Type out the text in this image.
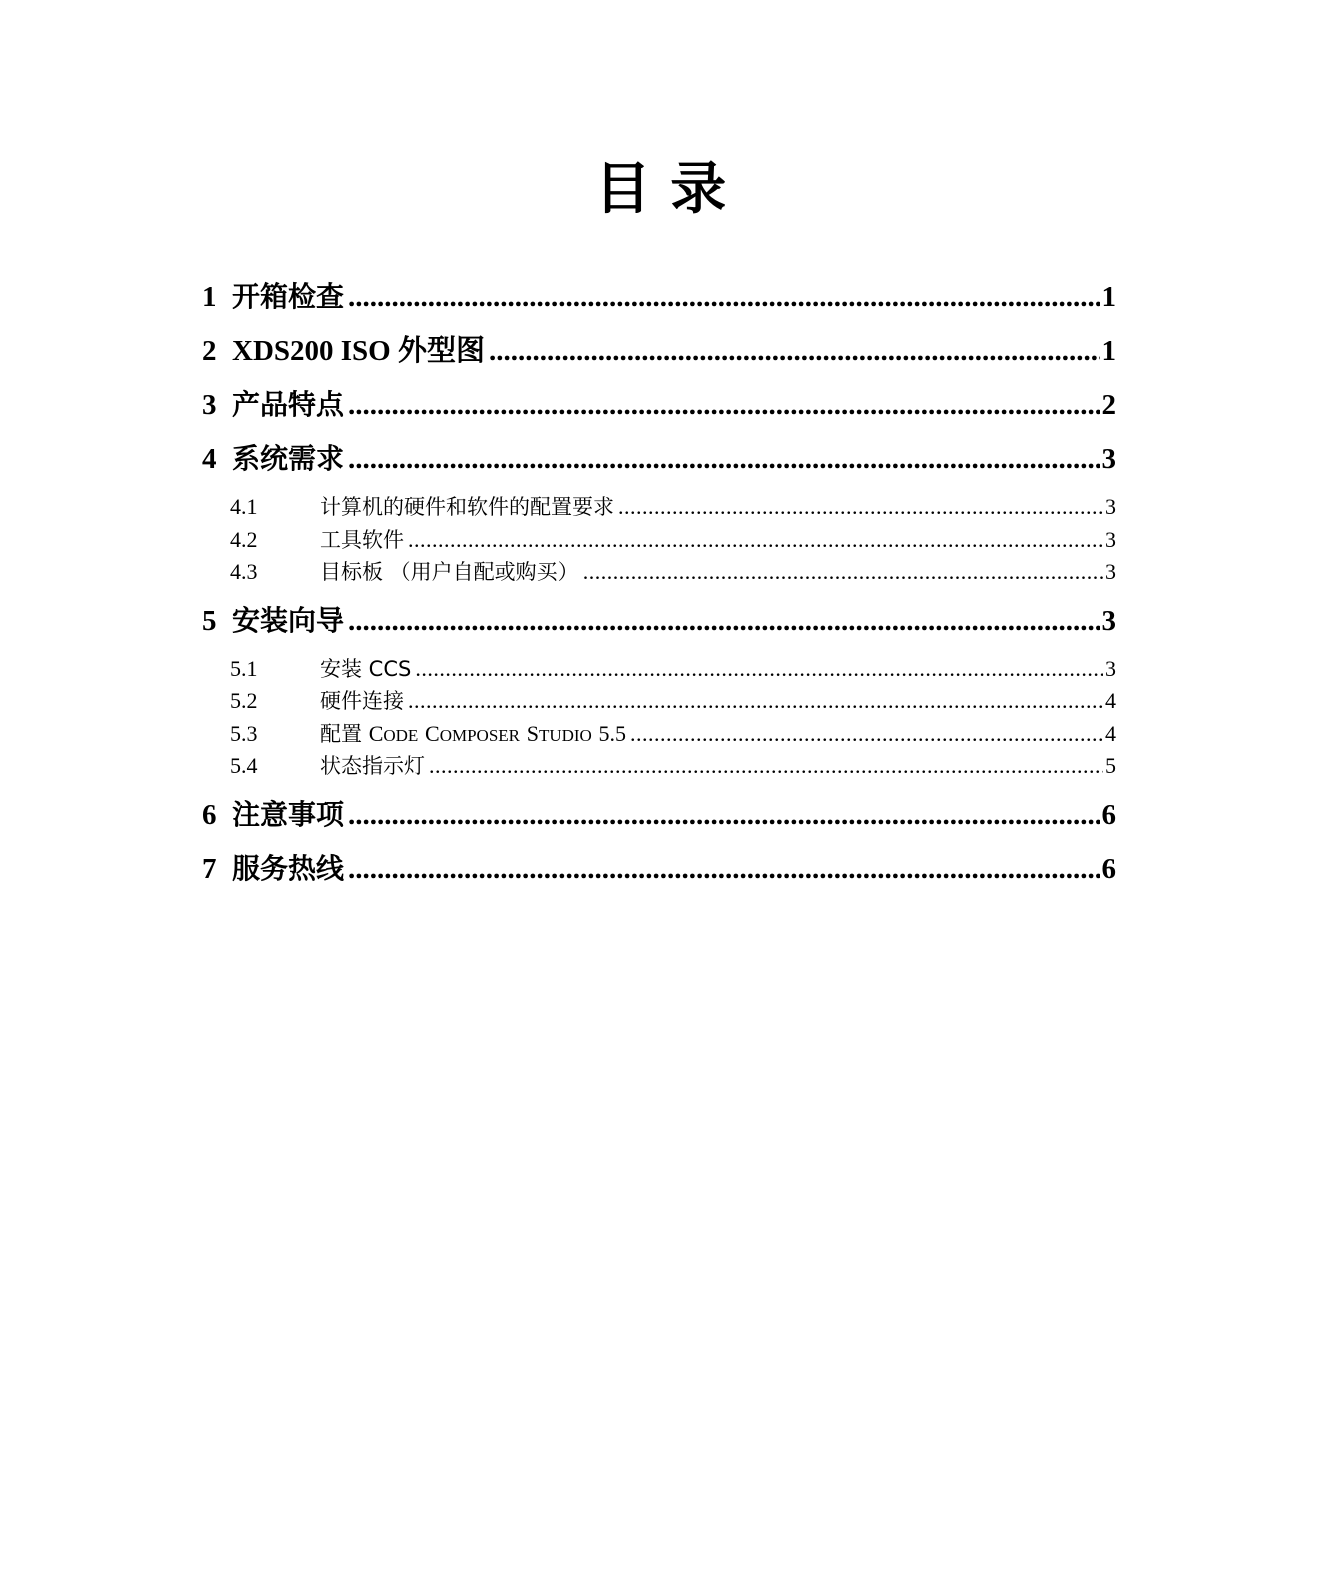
目 录
1 开箱检查 .....	1
2 XDS200 ISO 外型图 .....	1
3 产品特点 .....	2
4 系统需求 .....	3
4.1	计算机的硬件和软件的配置要求 .....	3
4.2	工具软件 .....	3
4.3	目标板 （用户自配或购买） .....	3
5 安装向导 .....	3
5.1	安装 CCS .....	3
5.2	硬件连接 .....	4
5.3	配置 CODE COMPOSER STUDIO 5.5 .....	4
5.4	状态指示灯 .....	5
6 注意事项 .....	6
7 服务热线 .....	6
